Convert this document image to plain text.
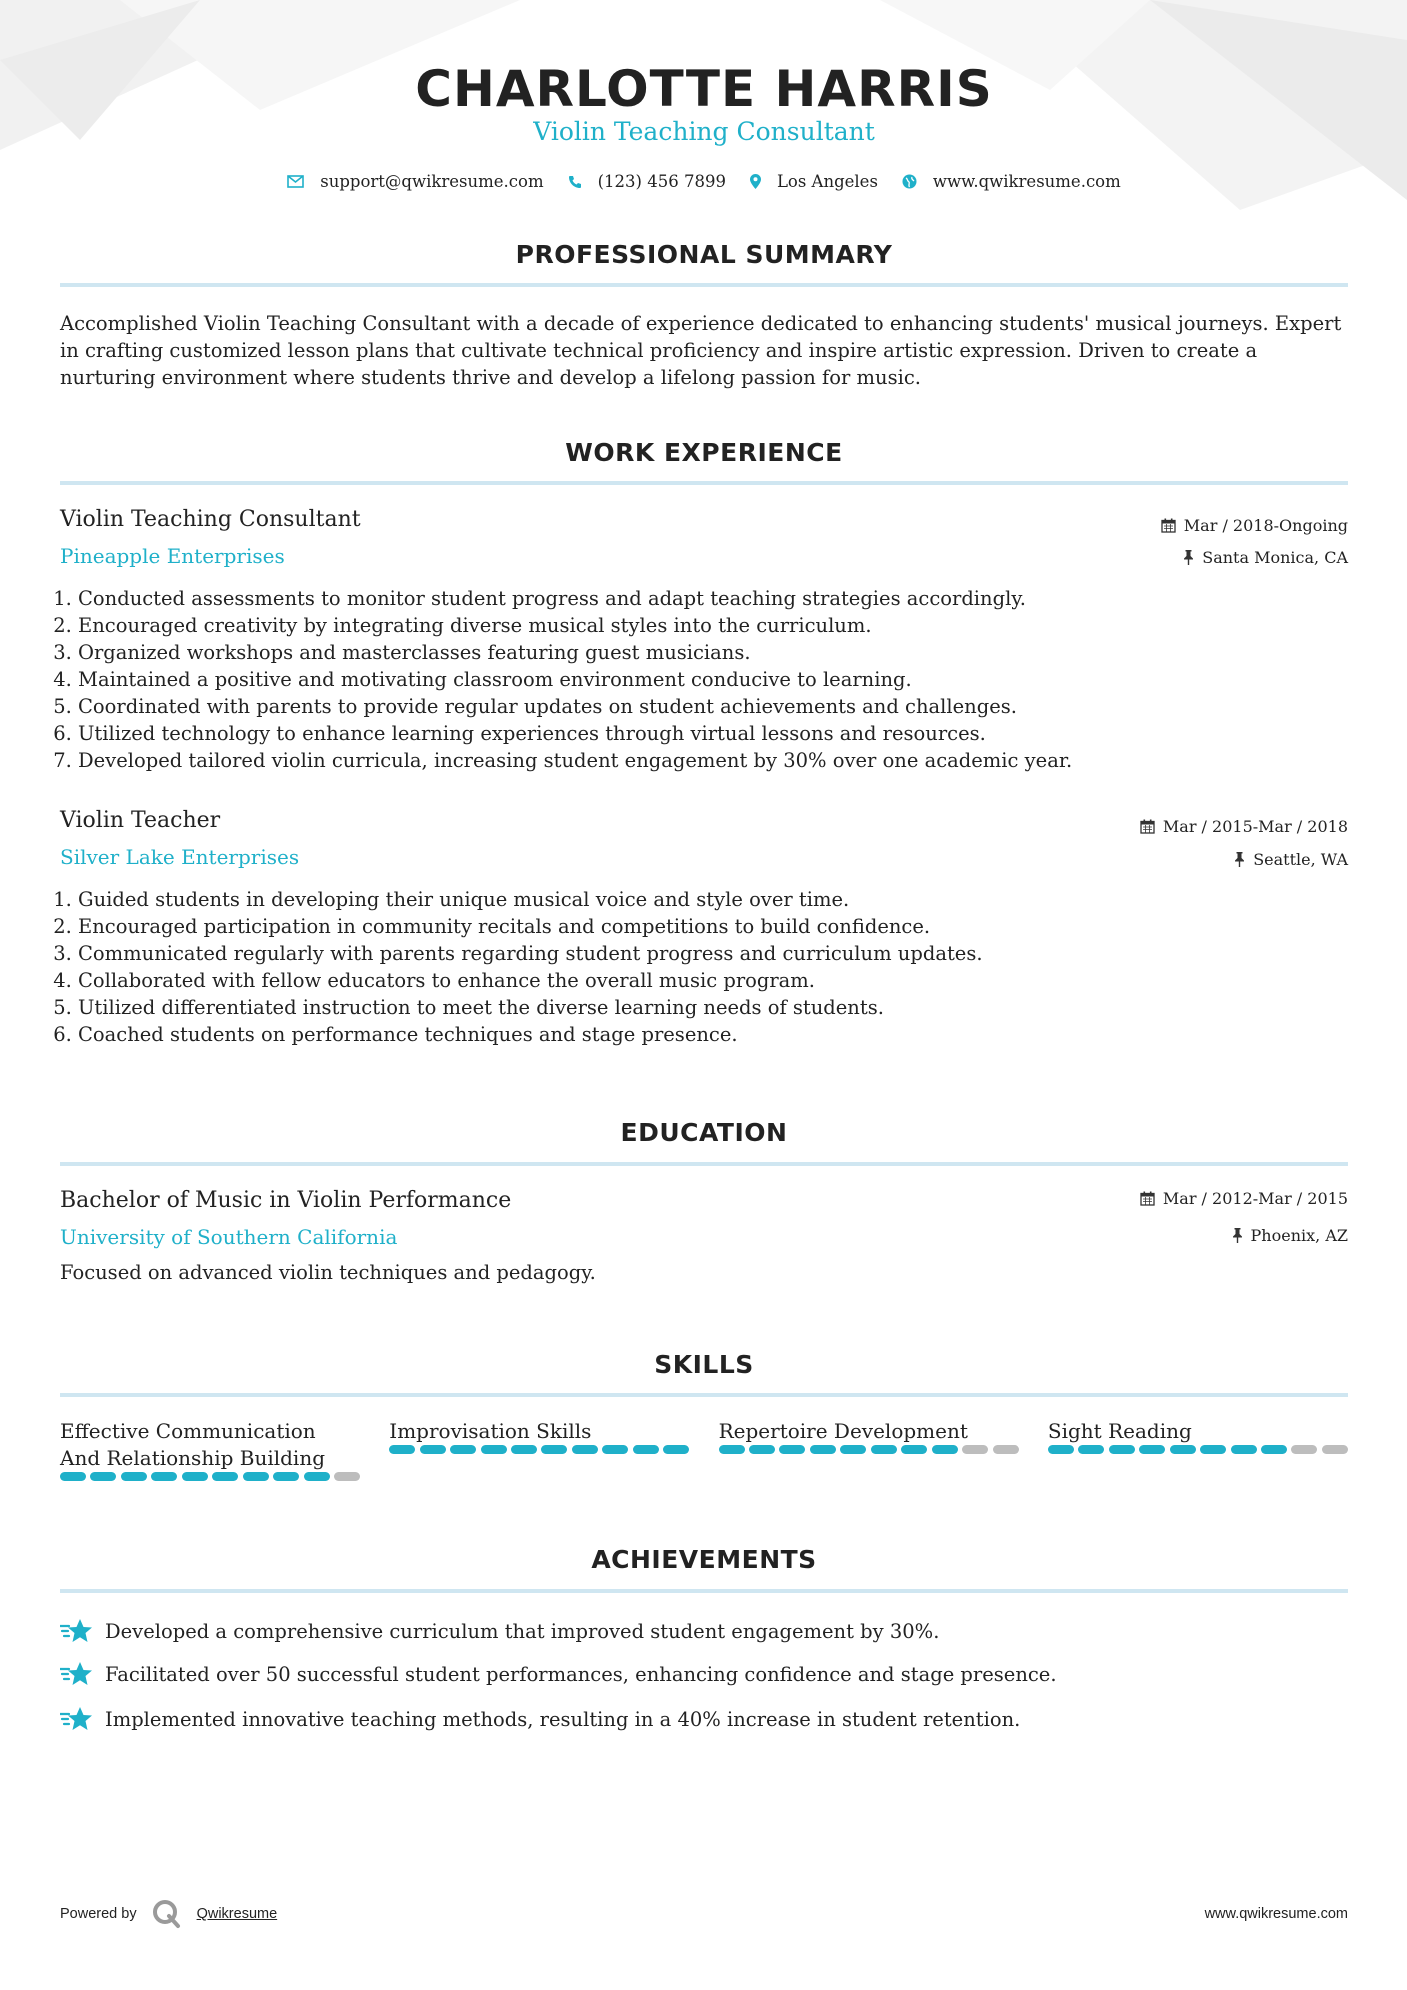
CHARLOTTE HARRIS
Violin Teaching Consultant
support@qwikresume.com	(123) 456 7899	Los Angeles	www.qwikresume.com
PROFESSIONAL SUMMARY
Accomplished Violin Teaching Consultant with a decade of experience dedicated to enhancing students' musical journeys. Expert in crafting customized lesson plans that cultivate technical proficiency and inspire artistic expression. Driven to create a nurturing environment where students thrive and develop a lifelong passion for music.
WORK EXPERIENCE
Violin Teaching Consultant
Pineapple Enterprises
Mar / 2018-Ongoing
Santa Monica, CA
1. Conducted assessments to monitor student progress and adapt teaching strategies accordingly.
2. Encouraged creativity by integrating diverse musical styles into the curriculum.
3. Organized workshops and masterclasses featuring guest musicians.
4. Maintained a positive and motivating classroom environment conducive to learning.
5. Coordinated with parents to provide regular updates on student achievements and challenges.
6. Utilized technology to enhance learning experiences through virtual lessons and resources.
7. Developed tailored violin curricula, increasing student engagement by 30% over one academic year.
Violin Teacher
Silver Lake Enterprises
Mar / 2015-Mar / 2018
Seattle, WA
1. Guided students in developing their unique musical voice and style over time.
2. Encouraged participation in community recitals and competitions to build confidence.
3. Communicated regularly with parents regarding student progress and curriculum updates.
4. Collaborated with fellow educators to enhance the overall music program.
5. Utilized differentiated instruction to meet the diverse learning needs of students.
6. Coached students on performance techniques and stage presence.
EDUCATION
Bachelor of Music in Violin Performance
University of Southern California
Mar / 2012-Mar / 2015
Phoenix, AZ
Focused on advanced violin techniques and pedagogy.
SKILLS
Effective Communication And Relationship Building
Improvisation Skills	Repertoire Development	Sight Reading
ACHIEVEMENTS
Developed a comprehensive curriculum that improved student engagement by 30%.
Facilitated over 50 successful student performances, enhancing confidence and stage presence.
Implemented innovative teaching methods, resulting in a 40% increase in student retention.
Powered by	Qwikresume	www.qwikresume.com
